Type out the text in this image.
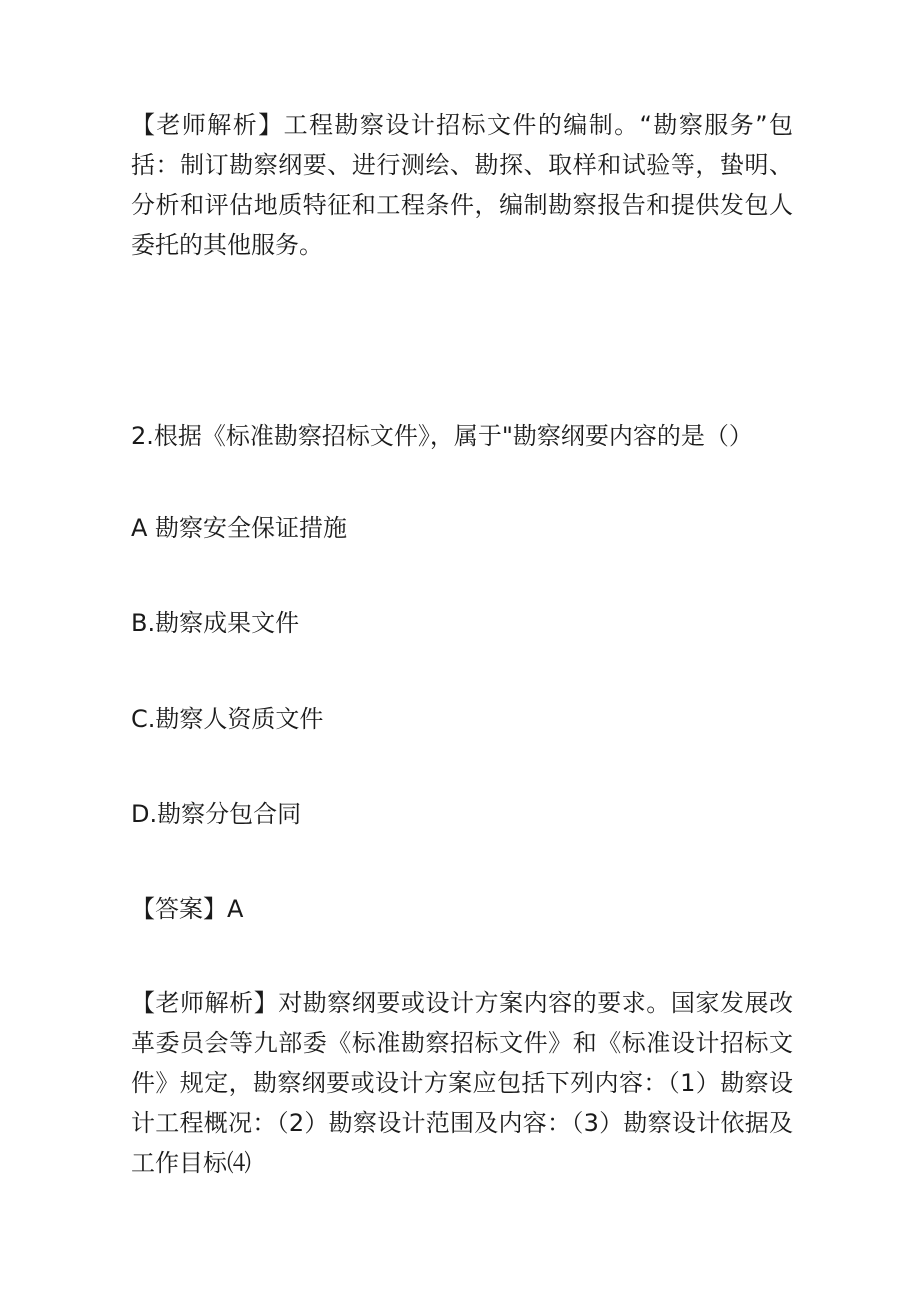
【老师解析】工程勘察设计招标文件的编制。“勘察服务”包括：制订勘察纲要、进行测绘、勘探、取样和试验等，蛰明、分析和评估地质特征和工程条件，编制勘察报告和提供发包人委托的其他服务。

2.根据《标准勘察招标文件》，属于"勘察纲要内容的是（）

A 勘察安全保证措施

B.勘察成果文件

C.勘察人资质文件

D.勘察分包合同

【答案】A

【老师解析】对勘察纲要或设计方案内容的要求。国家发展改革委员会等九部委《标准勘察招标文件》和《标准设计招标文件》规定，勘察纲要或设计方案应包括下列内容：（1）勘察设计工程概况：（2）勘察设计范围及内容：（3）勘察设计依据及工作目标⑷
